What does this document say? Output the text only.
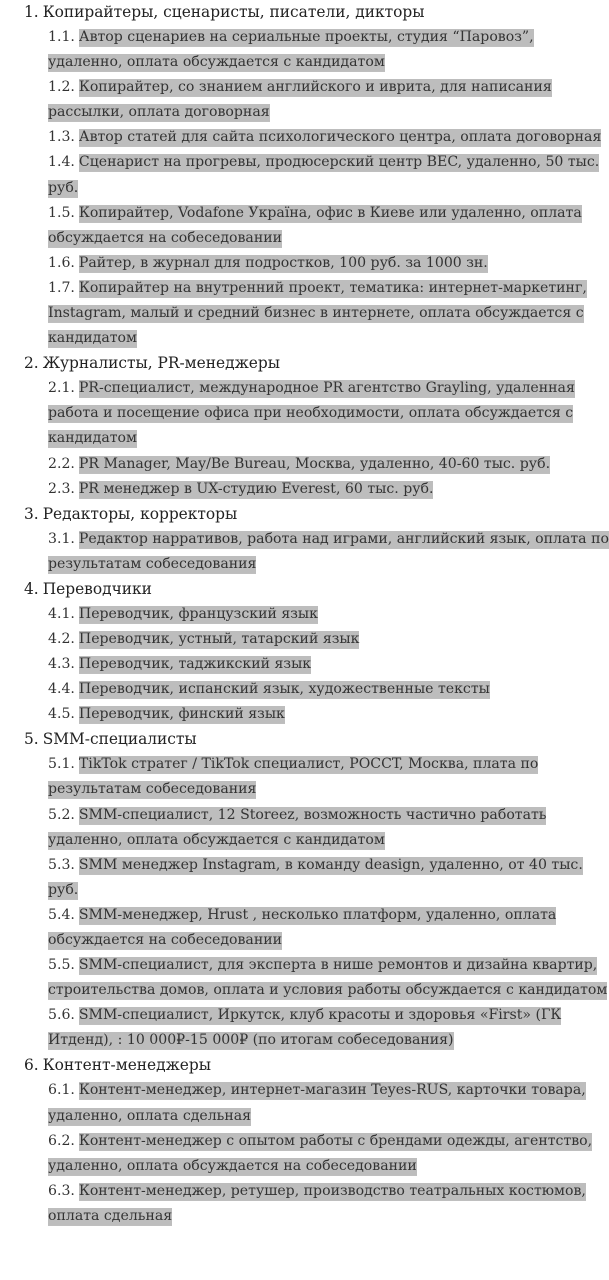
1. Копирайтеры, сценаристы, писатели, дикторы
1.1. Автор сценариев на сериальные проекты, студия “Паровоз”, удаленно, оплата обсуждается с кандидатом
1.2. Копирайтер, со знанием английского и иврита, для написания рассылки, оплата договорная
1.3. Автор статей для сайта психологического центра, оплата договорная
1.4. Сценарист на прогревы, продюсерский центр BEC, удаленно, 50 тыс. руб.
1.5. Копирайтер, Vodafone Україна, офис в Киеве или удаленно, оплата обсуждается на собеседовании
1.6. Райтер, в журнал для подростков, 100 руб. за 1000 зн.
1.7. Копирайтер на внутренний проект, тематика: интернет-маркетинг, Instagram, малый и средний бизнес в интернете, оплата обсуждается с кандидатом
2. Журналисты, PR-менеджеры
2.1. PR-специалист, международное PR агентство Grayling, удаленная работа и посещение офиса при необходимости, оплата обсуждается с кандидатом
2.2. PR Manager, May/Be Bureau, Москва, удаленно, 40-60 тыс. руб.
2.3. PR менеджер в UX-студию Everest, 60 тыс. руб.
3. Редакторы, корректоры
3.1. Редактор нарративов, работа над играми, английский язык, оплата по результатам собеседования
4. Переводчики
4.1. Переводчик, французский язык
4.2. Переводчик, устный, татарский язык
4.3. Переводчик, таджикский язык
4.4. Переводчик, испанский язык, художественные тексты
4.5. Переводчик, финский язык
5. SMM-специалисты
5.1. TikTok стратег / TikTok специалист, POCCT, Москва, плата по результатам собеседования
5.2. SMM-специалист, 12 Storeez, возможность частично работать удаленно, оплата обсуждается с кандидатом
5.3. SMM менеджер Instagram, в команду deasign, удаленно, от 40 тыс. руб.
5.4. SMM-менеджер, Hrust , несколько платформ, удаленно, оплата обсуждается на собеседовании
5.5. SMM-специалист, для эксперта в нише ремонтов и дизайна квартир, строительства домов, оплата и условия работы обсуждается с кандидатом
5.6. SMM-специалист, Иркутск, клуб красоты и здоровья «First» (ГК Итденд), : 10 000₽-15 000₽ (по итогам собеседования)
6. Контент-менеджеры
6.1. Контент-менеджер, интернет-магазин Teyes-RUS, карточки товара, удаленно, оплата сдельная
6.2. Контент-менеджер с опытом работы с брендами одежды, агентство, удаленно, оплата обсуждается на собеседовании
6.3. Контент-менеджер, ретушер, производство театральных костюмов, оплата сдельная
